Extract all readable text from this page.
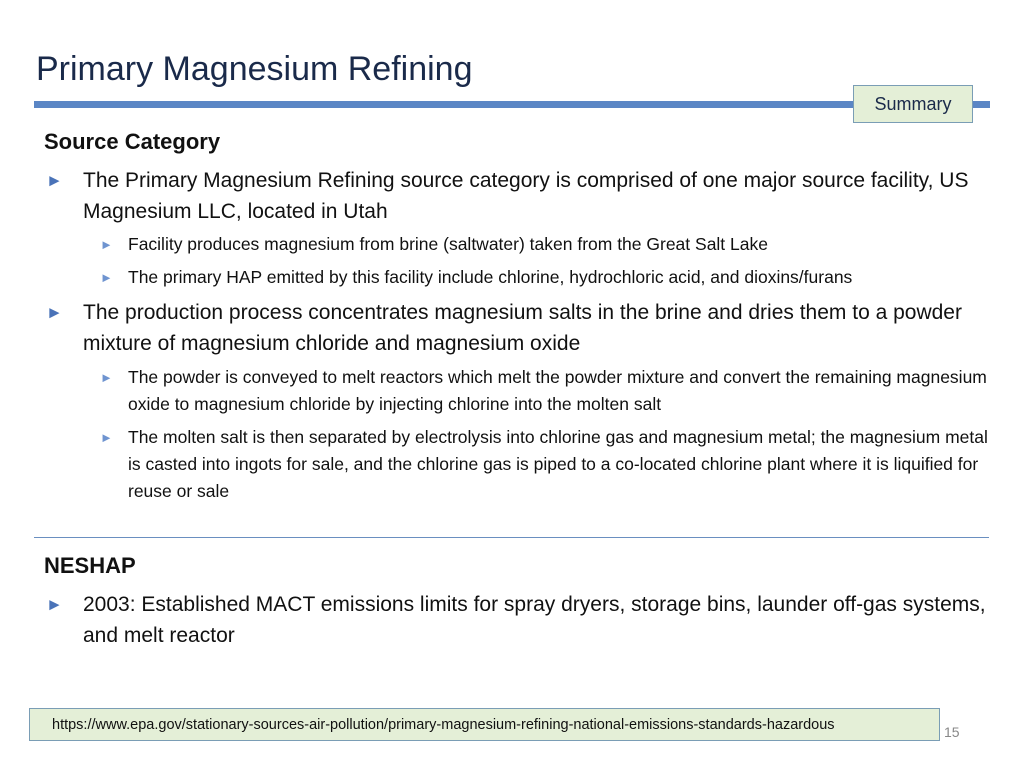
Primary Magnesium Refining
Summary
Source Category
► The Primary Magnesium Refining source category is comprised of one major source facility, US Magnesium LLC, located in Utah
► Facility produces magnesium from brine (saltwater) taken from the Great Salt Lake
► The primary HAP emitted by this facility include chlorine, hydrochloric acid, and dioxins/furans
► The production process concentrates magnesium salts in the brine and dries them to a powder mixture of magnesium chloride and magnesium oxide
► The powder is conveyed to melt reactors which melt the powder mixture and convert the remaining magnesium oxide to magnesium chloride by injecting chlorine into the molten salt
► The molten salt is then separated by electrolysis into chlorine gas and magnesium metal; the magnesium metal is casted into ingots for sale, and the chlorine gas is piped to a co-located chlorine plant where it is liquified for reuse or sale
NESHAP
► 2003: Established MACT emissions limits for spray dryers, storage bins, launder off-gas systems, and melt reactor
https://www.epa.gov/stationary-sources-air-pollution/primary-magnesium-refining-national-emissions-standards-hazardous	15
